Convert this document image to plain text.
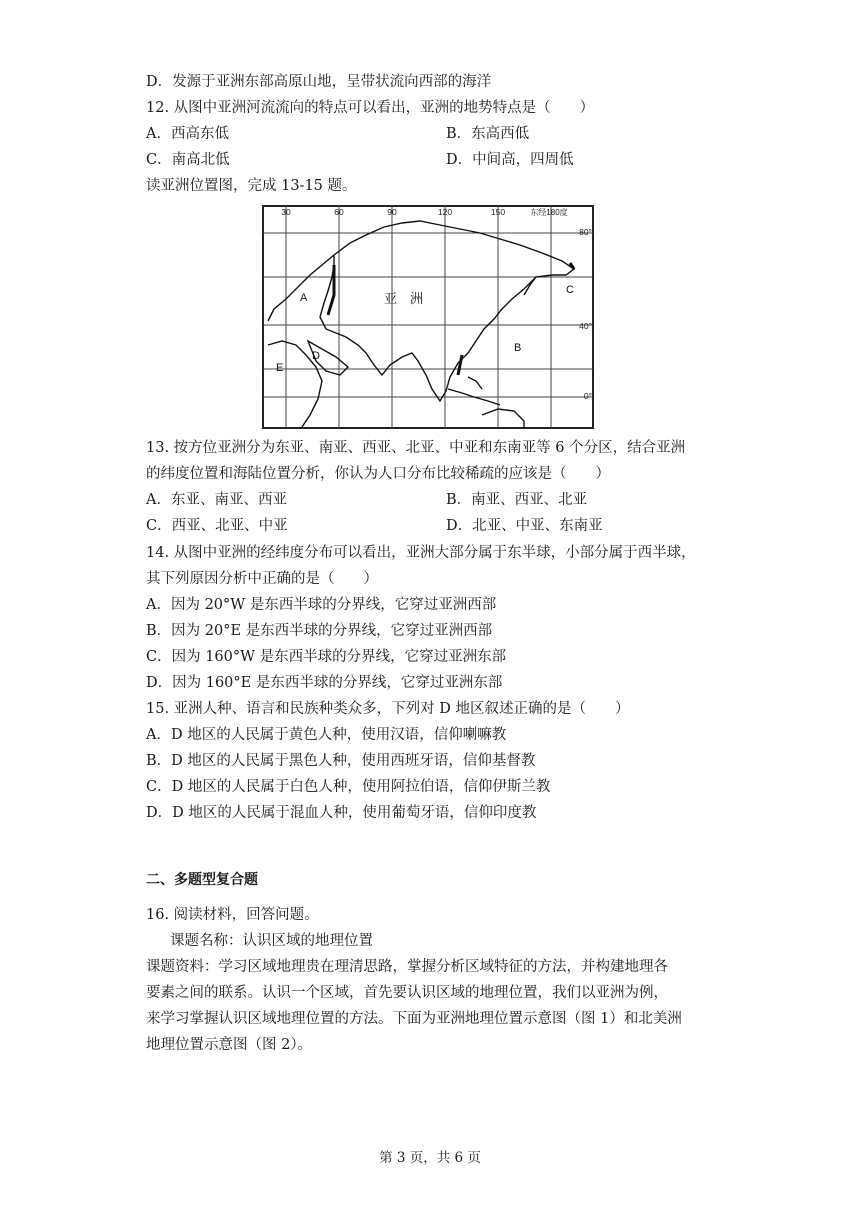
D．发源于亚洲东部高原山地，呈带状流向西部的海洋
12. 从图中亚洲河流流向的特点可以看出，亚洲的地势特点是（　　）
A．西高东低	B．东高西低
C．南高北低	D．中间高，四周低
读亚洲位置图，完成 13-15 题。
30	60	90	120	150	东经180度
80°
40°
0°
亚　洲
A
B
C
D
E
13. 按方位亚洲分为东亚、南亚、西亚、北亚、中亚和东南亚等 6 个分区，结合亚洲
的纬度位置和海陆位置分析，你认为人口分布比较稀疏的应该是（　　）
A．东亚、南亚、西亚	B．南亚、西亚、北亚
C．西亚、北亚、中亚	D．北亚、中亚、东南亚
14. 从图中亚洲的经纬度分布可以看出，亚洲大部分属于东半球，小部分属于西半球，
其下列原因分析中正确的是（　　）
A．因为 20°W 是东西半球的分界线，它穿过亚洲西部
B．因为 20°E 是东西半球的分界线，它穿过亚洲西部
C．因为 160°W 是东西半球的分界线，它穿过亚洲东部
D．因为 160°E 是东西半球的分界线，它穿过亚洲东部
15. 亚洲人种、语言和民族种类众多，下列对 D 地区叙述正确的是（　　）
A．D 地区的人民属于黄色人种，使用汉语，信仰喇嘛教
B．D 地区的人民属于黑色人种，使用西班牙语，信仰基督教
C．D 地区的人民属于白色人种，使用阿拉伯语，信仰伊斯兰教
D．D 地区的人民属于混血人种，使用葡萄牙语，信仰印度教
二、多题型复合题
16. 阅读材料，回答问题。
课题名称：认识区域的地理位置
课题资料：学习区域地理贵在理清思路，掌握分析区域特征的方法，并构建地理各
要素之间的联系。认识一个区域，首先要认识区域的地理位置，我们以亚洲为例，
来学习掌握认识区域地理位置的方法。下面为亚洲地理位置示意图（图 1）和北美洲
地理位置示意图（图 2）。
第 3 页，共 6 页
